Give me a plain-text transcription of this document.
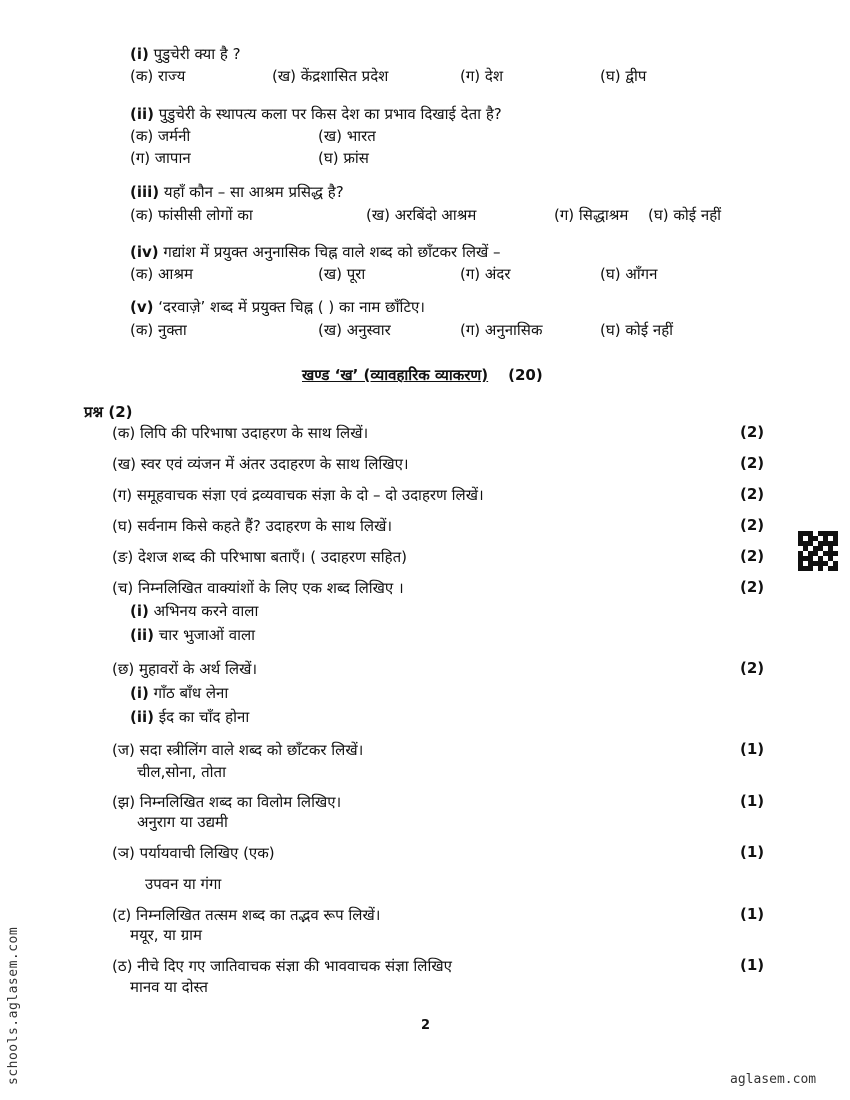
(i) पुडुचेरी क्या है ?
(क) राज्य	(ख) केंद्रशासित प्रदेश	(ग) देश	(घ) द्वीप
(ii) पुडुचेरी के स्थापत्य कला पर किस देश का प्रभाव दिखाई देता है?
(क) जर्मनी	(ख) भारत
(ग) जापान	(घ) फ्रांस
(iii) यहाँ कौन – सा आश्रम प्रसिद्ध है?
(क) फांसीसी लोगों का	(ख) अरबिंदो आश्रम	(ग) सिद्धाश्रम (घ) कोई नहीं
(iv) गद्यांश में प्रयुक्त अनुनासिक चिह्न वाले शब्द को छाँटकर लिखें –
(क) आश्रम	(ख) पूरा	(ग) अंदर	(घ) आँगन
(v) ‘दरवाज़े’ शब्द में प्रयुक्त चिह्न ( ) का नाम छाँटिए।
(क) नुक्ता	(ख) अनुस्वार	(ग) अनुनासिक	(घ) कोई नहीं
खण्ड ‘ख’ (व्यावहारिक व्याकरण) (20)
प्रश्न (2)
(क) लिपि की परिभाषा उदाहरण के साथ लिखें।	(2)
(ख) स्वर एवं व्यंजन में अंतर उदाहरण के साथ लिखिए।	(2)
(ग) समूहवाचक संज्ञा एवं द्रव्यवाचक संज्ञा के दो – दो उदाहरण लिखें।	(2)
(घ) सर्वनाम किसे कहते हैं? उदाहरण के साथ लिखें।	(2)
(ङ) देशज शब्द की परिभाषा बताएँ। ( उदाहरण सहित)	(2)
(च) निम्नलिखित वाक्यांशों के लिए एक शब्द लिखिए ।	(2)
(i) अभिनय करने वाला
(ii) चार भुजाओं वाला
(छ) मुहावरों के अर्थ लिखें।	(2)
(i) गाँठ बाँध लेना
(ii) ईद का चाँद होना
(ज) सदा स्त्रीलिंग वाले शब्द को छाँटकर लिखें।	(1)
चील,सोना, तोता
(झ) निम्नलिखित शब्द का विलोम लिखिए।	(1)
अनुराग या उद्यमी
(ञ) पर्यायवाची लिखिए (एक)	(1)
उपवन या गंगा
(ट) निम्नलिखित तत्सम शब्द का तद्भव रूप लिखें।	(1)
मयूर, या ग्राम
(ठ) नीचे दिए गए जातिवाचक संज्ञा की भाववाचक संज्ञा लिखिए	(1)
मानव या दोस्त
2
schools.aglasem.com	aglasem.com
